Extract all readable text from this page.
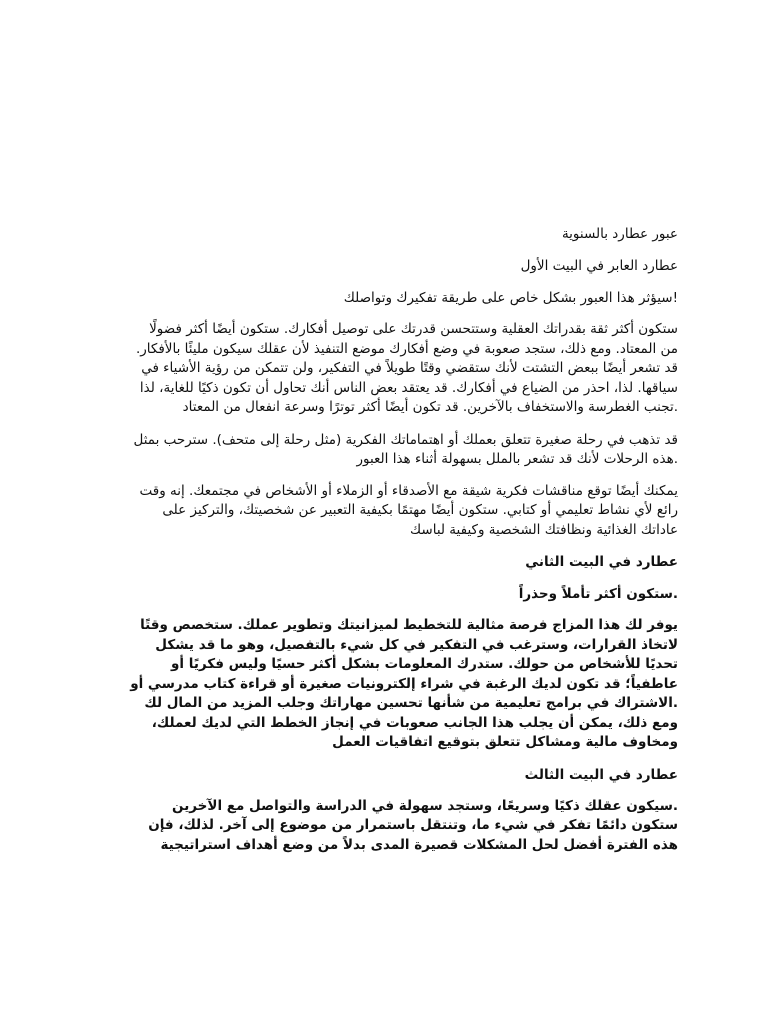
عبور عطارد بالسنوية
عطارد العابر في البيت الأول
!سيؤثر هذا العبور بشكل خاص على طريقة تفكيرك وتواصلك
ستكون أكثر ثقة بقدراتك العقلية وستتحسن قدرتك على توصيل أفكارك. ستكون أيضًا أكثر فضولًا
من المعتاد. ومع ذلك، ستجد صعوبة في وضع أفكارك موضع التنفيذ لأن عقلك سيكون مليئًا بالأفكار.
قد تشعر أيضًا ببعض التشتت لأنك ستقضي وقتًا طويلاً في التفكير، ولن تتمكن من رؤية الأشياء في
سياقها. لذا، احذر من الضياع في أفكارك. قد يعتقد بعض الناس أنك تحاول أن تكون ذكيًا للغاية، لذا
.تجنب الغطرسة والاستخفاف بالآخرين. قد تكون أيضًا أكثر توترًا وسرعة انفعال من المعتاد
قد تذهب في رحلة صغيرة تتعلق بعملك أو اهتماماتك الفكرية (مثل رحلة إلى متحف). سترحب بمثل
.هذه الرحلات لأنك قد تشعر بالملل بسهولة أثناء هذا العبور
يمكنك أيضًا توقع مناقشات فكرية شيقة مع الأصدقاء أو الزملاء أو الأشخاص في مجتمعك. إنه وقت
رائع لأي نشاط تعليمي أو كتابي. ستكون أيضًا مهتمًا بكيفية التعبير عن شخصيتك، والتركيز على
عاداتك الغذائية ونظافتك الشخصية وكيفية لباسك
عطارد في البيت الثاني
.ستكون أكثر تأملاً وحذراً
يوفر لك هذا المزاج فرصة مثالية للتخطيط لميزانيتك وتطوير عملك. ستخصص وقتًا
لاتخاذ القرارات، وسترغب في التفكير في كل شيء بالتفصيل، وهو ما قد يشكل
تحديًا للأشخاص من حولك. ستدرك المعلومات بشكل أكثر حسيًا وليس فكريًا أو
عاطفياً؛ قد تكون لديك الرغبة في شراء إلكترونيات صغيرة أو قراءة كتاب مدرسي أو
.الاشتراك في برامج تعليمية من شأنها تحسين مهاراتك وجلب المزيد من المال لك
ومع ذلك، يمكن أن يجلب هذا الجانب صعوبات في إنجاز الخطط التي لديك لعملك،
ومخاوف مالية ومشاكل تتعلق بتوقيع اتفاقيات العمل
عطارد في البيت الثالث
.سيكون عقلك ذكيًا وسريعًا، وستجد سهولة في الدراسة والتواصل مع الآخرين
ستكون دائمًا تفكر في شيء ما، وتنتقل باستمرار من موضوع إلى آخر. لذلك، فإن
هذه الفترة أفضل لحل المشكلات قصيرة المدى بدلاً من وضع أهداف استراتيجية
